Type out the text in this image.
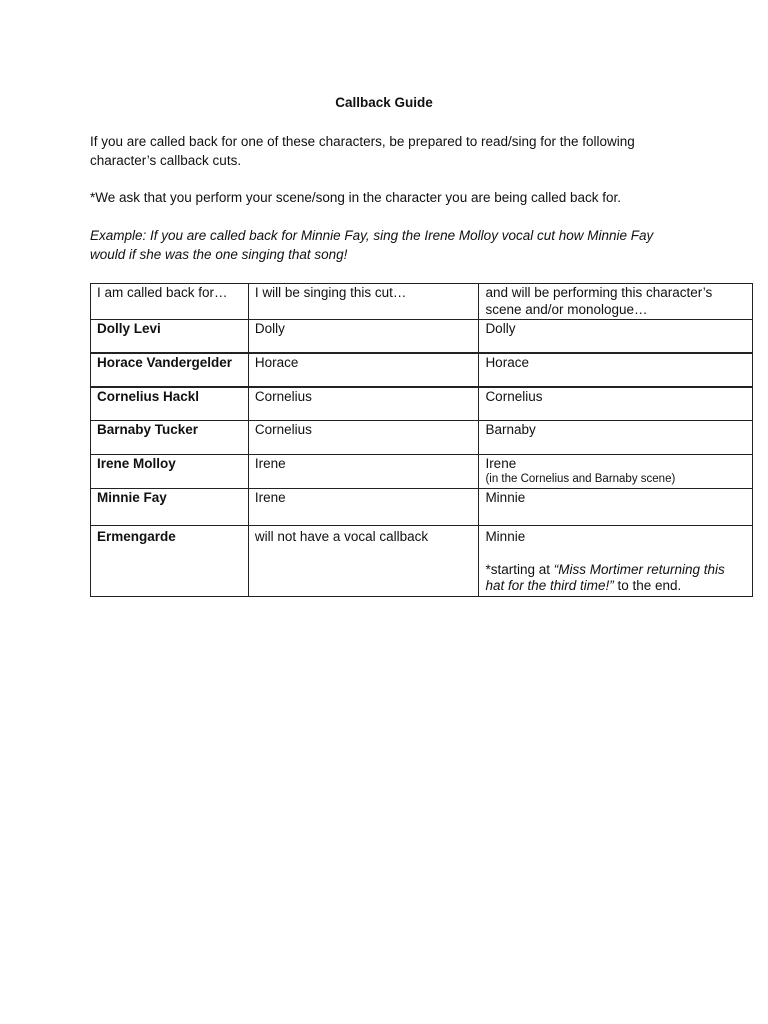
Callback Guide
If you are called back for one of these characters, be prepared to read/sing for the following
character’s callback cuts.
*We ask that you perform your scene/song in the character you are being called back for.
Example: If you are called back for Minnie Fay, sing the Irene Molloy vocal cut how Minnie Fay
would if she was the one singing that song!
I am called back for…	I will be singing this cut…	and will be performing this character’s
scene and/or monologue…

Dolly Levi	Dolly	Dolly
Horace Vandergelder	Horace	Horace
Cornelius Hackl	Cornelius	Cornelius
Barnaby Tucker	Cornelius	Barnaby
Irene Molloy	Irene	Irene
(in the Cornelius and Barnaby scene)

Minnie Fay	Irene	Minnie
Ermengarde	will not have a vocal callback	Minnie
*starting at “Miss Mortimer returning this
hat for the third time!” to the end.
